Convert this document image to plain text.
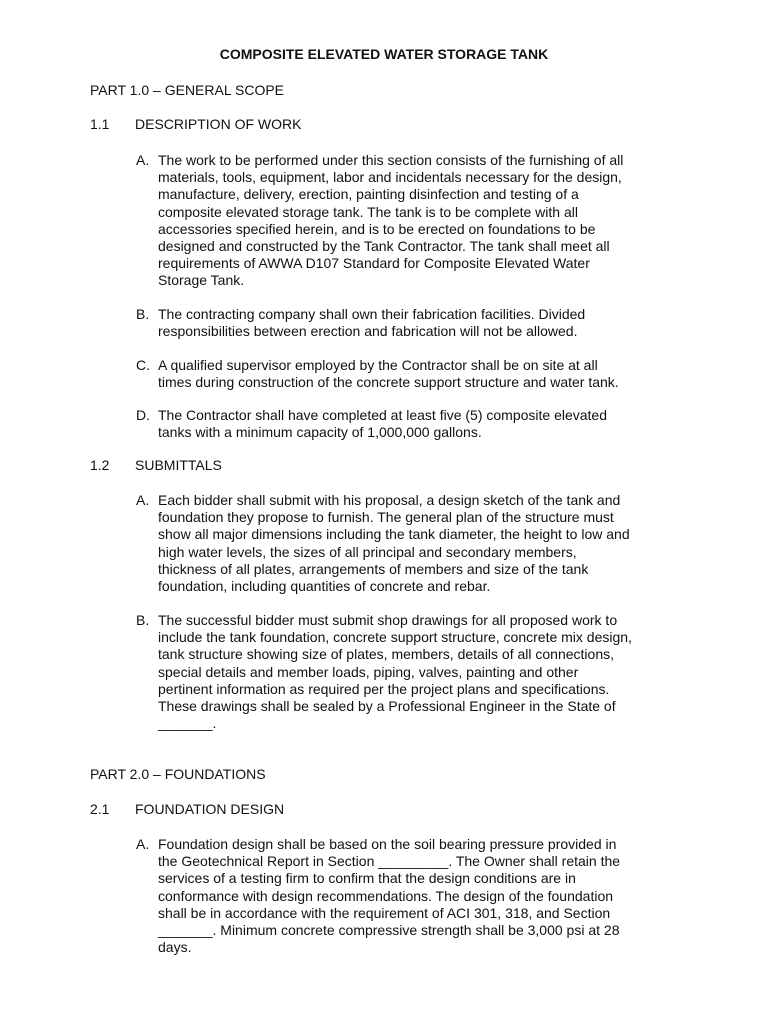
COMPOSITE ELEVATED WATER STORAGE TANK
PART 1.0 – GENERAL SCOPE
1.1 DESCRIPTION OF WORK
A. The work to be performed under this section consists of the furnishing of all
materials, tools, equipment, labor and incidentals necessary for the design,
manufacture, delivery, erection, painting disinfection and testing of a
composite elevated storage tank. The tank is to be complete with all
accessories specified herein, and is to be erected on foundations to be
designed and constructed by the Tank Contractor. The tank shall meet all
requirements of AWWA D107 Standard for Composite Elevated Water
Storage Tank.
B. The contracting company shall own their fabrication facilities. Divided
responsibilities between erection and fabrication will not be allowed.
C. A qualified supervisor employed by the Contractor shall be on site at all
times during construction of the concrete support structure and water tank.
D. The Contractor shall have completed at least five (5) composite elevated
tanks with a minimum capacity of 1,000,000 gallons.
1.2 SUBMITTALS
A. Each bidder shall submit with his proposal, a design sketch of the tank and
foundation they propose to furnish. The general plan of the structure must
show all major dimensions including the tank diameter, the height to low and
high water levels, the sizes of all principal and secondary members,
thickness of all plates, arrangements of members and size of the tank
foundation, including quantities of concrete and rebar.
B. The successful bidder must submit shop drawings for all proposed work to
include the tank foundation, concrete support structure, concrete mix design,
tank structure showing size of plates, members, details of all connections,
special details and member loads, piping, valves, painting and other
pertinent information as required per the project plans and specifications.
These drawings shall be sealed by a Professional Engineer in the State of
_______.
PART 2.0 – FOUNDATIONS
2.1 FOUNDATION DESIGN
A. Foundation design shall be based on the soil bearing pressure provided in
the Geotechnical Report in Section _________. The Owner shall retain the
services of a testing firm to confirm that the design conditions are in
conformance with design recommendations. The design of the foundation
shall be in accordance with the requirement of ACI 301, 318, and Section
_______. Minimum concrete compressive strength shall be 3,000 psi at 28
days.
